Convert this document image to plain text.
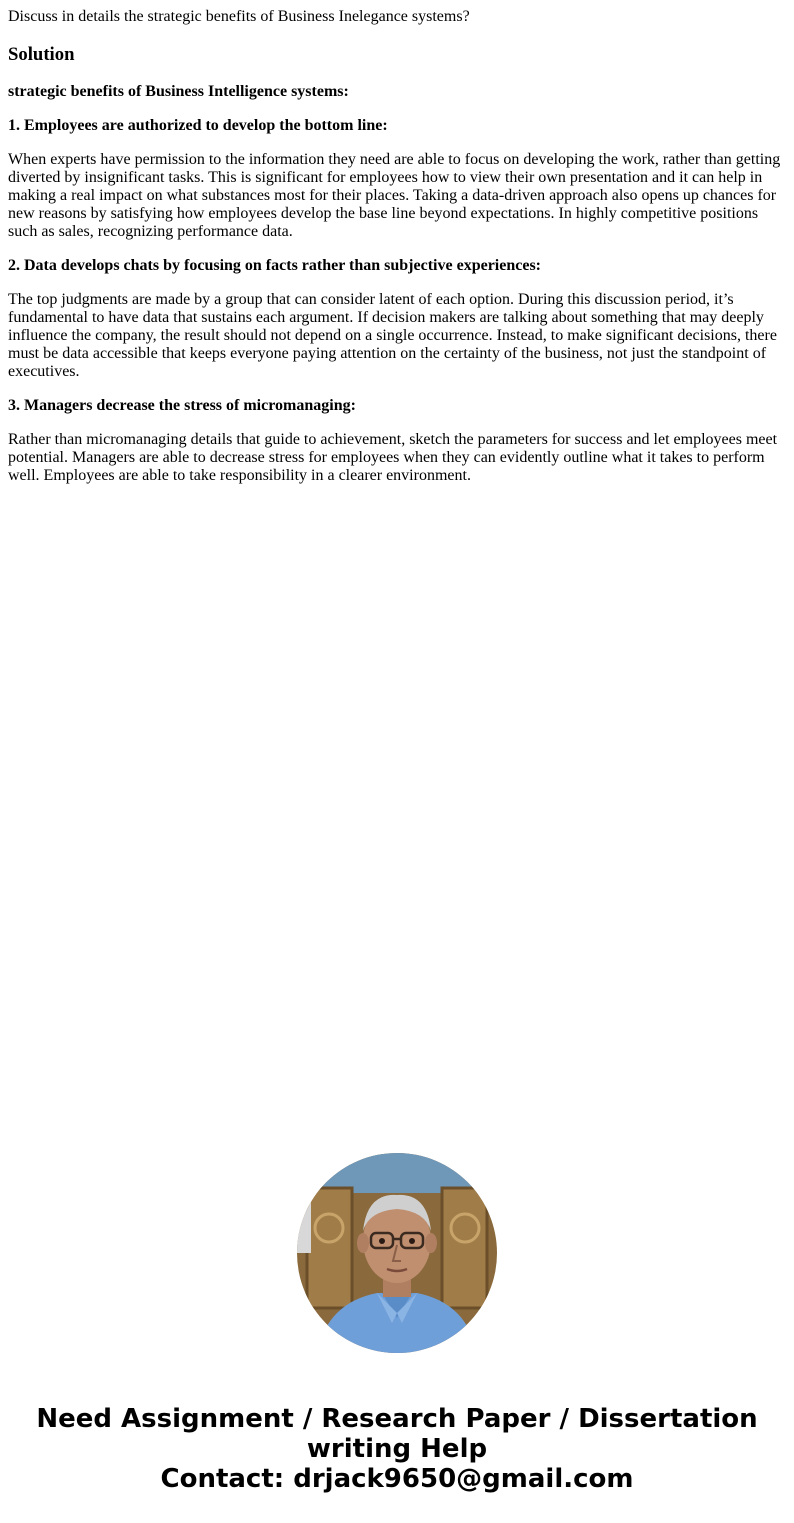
Discuss in details the strategic benefits of Business Inelegance systems?

Solution

strategic benefits of Business Intelligence systems:

1. Employees are authorized to develop the bottom line:

When experts have permission to the information they need are able to focus on developing the work, rather than getting diverted by insignificant tasks. This is significant for employees how to view their own presentation and it can help in making a real impact on what substances most for their places. Taking a data-driven approach also opens up chances for new reasons by satisfying how employees develop the base line beyond expectations. In highly competitive positions such as sales, recognizing performance data.

2. Data develops chats by focusing on facts rather than subjective experiences:

The top judgments are made by a group that can consider latent of each option. During this discussion period, it’s fundamental to have data that sustains each argument. If decision makers are talking about something that may deeply influence the company, the result should not depend on a single occurrence. Instead, to make significant decisions, there must be data accessible that keeps everyone paying attention on the certainty of the business, not just the standpoint of executives.

3. Managers decrease the stress of micromanaging:

Rather than micromanaging details that guide to achievement, sketch the parameters for success and let employees meet potential. Managers are able to decrease stress for employees when they can evidently outline what it takes to perform well. Employees are able to take responsibility in a clearer environment.

Need Assignment / Research Paper / Dissertation
writing Help
Contact: drjack9650@gmail.com
